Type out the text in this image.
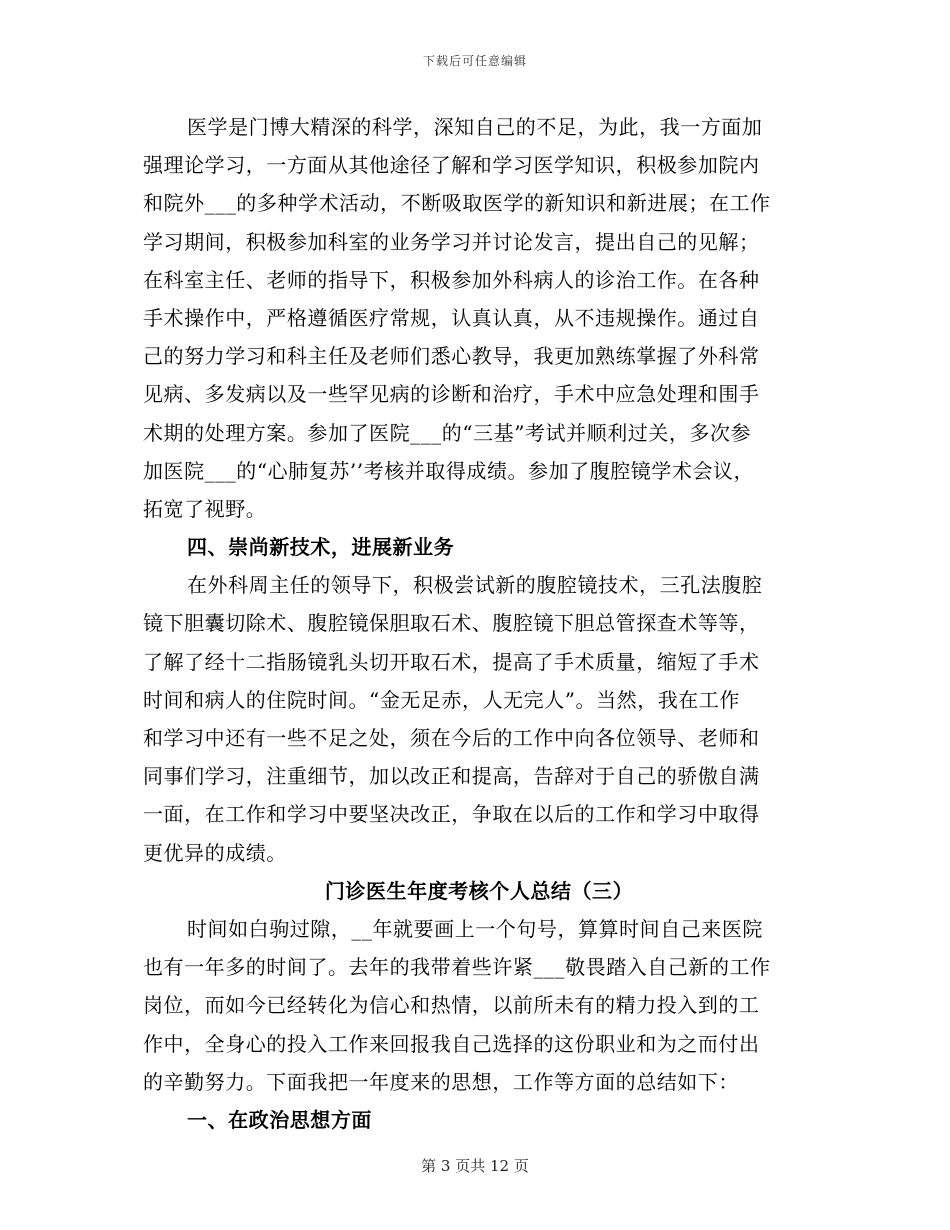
下载后可任意编辑
医学是门博大精深的科学，深知自己的不足，为此，我一方面加
强理论学习，一方面从其他途径了解和学习医学知识，积极参加院内
和院外___的多种学术活动，不断吸取医学的新知识和新进展；在工作
学习期间，积极参加科室的业务学习并讨论发言，提出自己的见解；
在科室主任、老师的指导下，积极参加外科病人的诊治工作。在各种
手术操作中，严格遵循医疗常规，认真认真，从不违规操作。通过自
己的努力学习和科主任及老师们悉心教导，我更加熟练掌握了外科常
见病、多发病以及一些罕见病的诊断和治疗，手术中应急处理和围手
术期的处理方案。参加了医院___的“三基”考试并顺利过关，多次参
加医院___的“心肺复苏’’考核并取得成绩。参加了腹腔镜学术会议，
拓宽了视野。
四、崇尚新技术，进展新业务
在外科周主任的领导下，积极尝试新的腹腔镜技术，三孔法腹腔
镜下胆囊切除术、腹腔镜保胆取石术、腹腔镜下胆总管探查术等等，
了解了经十二指肠镜乳头切开取石术，提高了手术质量，缩短了手术
时间和病人的住院时间。“金无足赤，人无完人”。当然，我在工作
和学习中还有一些不足之处，须在今后的工作中向各位领导、老师和
同事们学习，注重细节，加以改正和提高，告辞对于自己的骄傲自满
一面，在工作和学习中要坚决改正，争取在以后的工作和学习中取得
更优异的成绩。
门诊医生年度考核个人总结（三）
时间如白驹过隙，__年就要画上一个句号，算算时间自己来医院
也有一年多的时间了。去年的我带着些许紧___敬畏踏入自己新的工作
岗位，而如今已经转化为信心和热情，以前所未有的精力投入到的工
作中，全身心的投入工作来回报我自己选择的这份职业和为之而付出
的辛勤努力。下面我把一年度来的思想，工作等方面的总结如下：
一、在政治思想方面
第 3 页共 12 页
